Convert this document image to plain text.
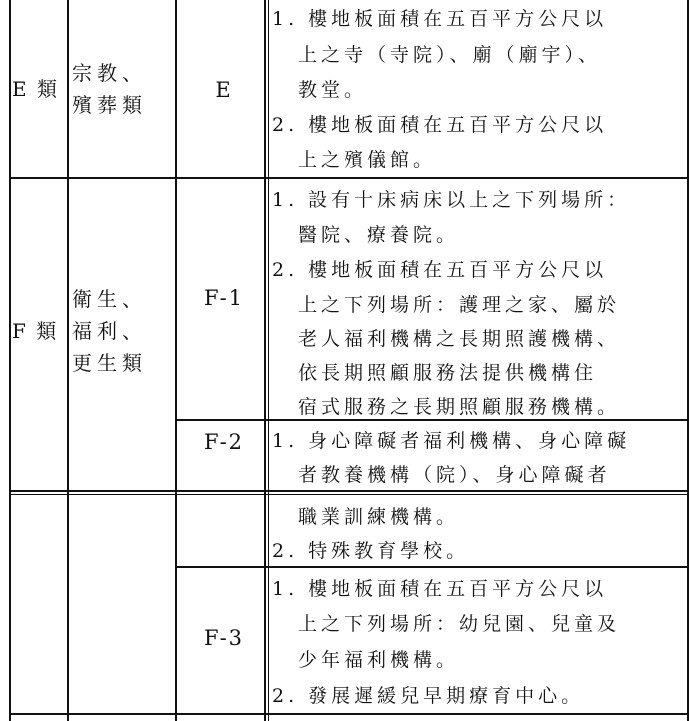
E 類
宗教、
殯葬類
E
1. 樓地板面積在五百平方公尺以
上之寺（寺院）、廟（廟宇）、
教堂。
2. 樓地板面積在五百平方公尺以
上之殯儀館。
F 類
衛生、
福利、
更生類
F-1
1. 設有十床病床以上之下列場所：
醫院、療養院。
2. 樓地板面積在五百平方公尺以
上之下列場所：護理之家、屬於
老人福利機構之長期照護機構、
依長期照顧服務法提供機構住
宿式服務之長期照顧服務機構。
F-2	1. 身心障礙者福利機構、身心障礙
者教養機構（院）、身心障礙者
職業訓練機構。
2. 特殊教育學校。
F-3
1. 樓地板面積在五百平方公尺以
上之下列場所：幼兒園、兒童及
少年福利機構。
2. 發展遲緩兒早期療育中心。
